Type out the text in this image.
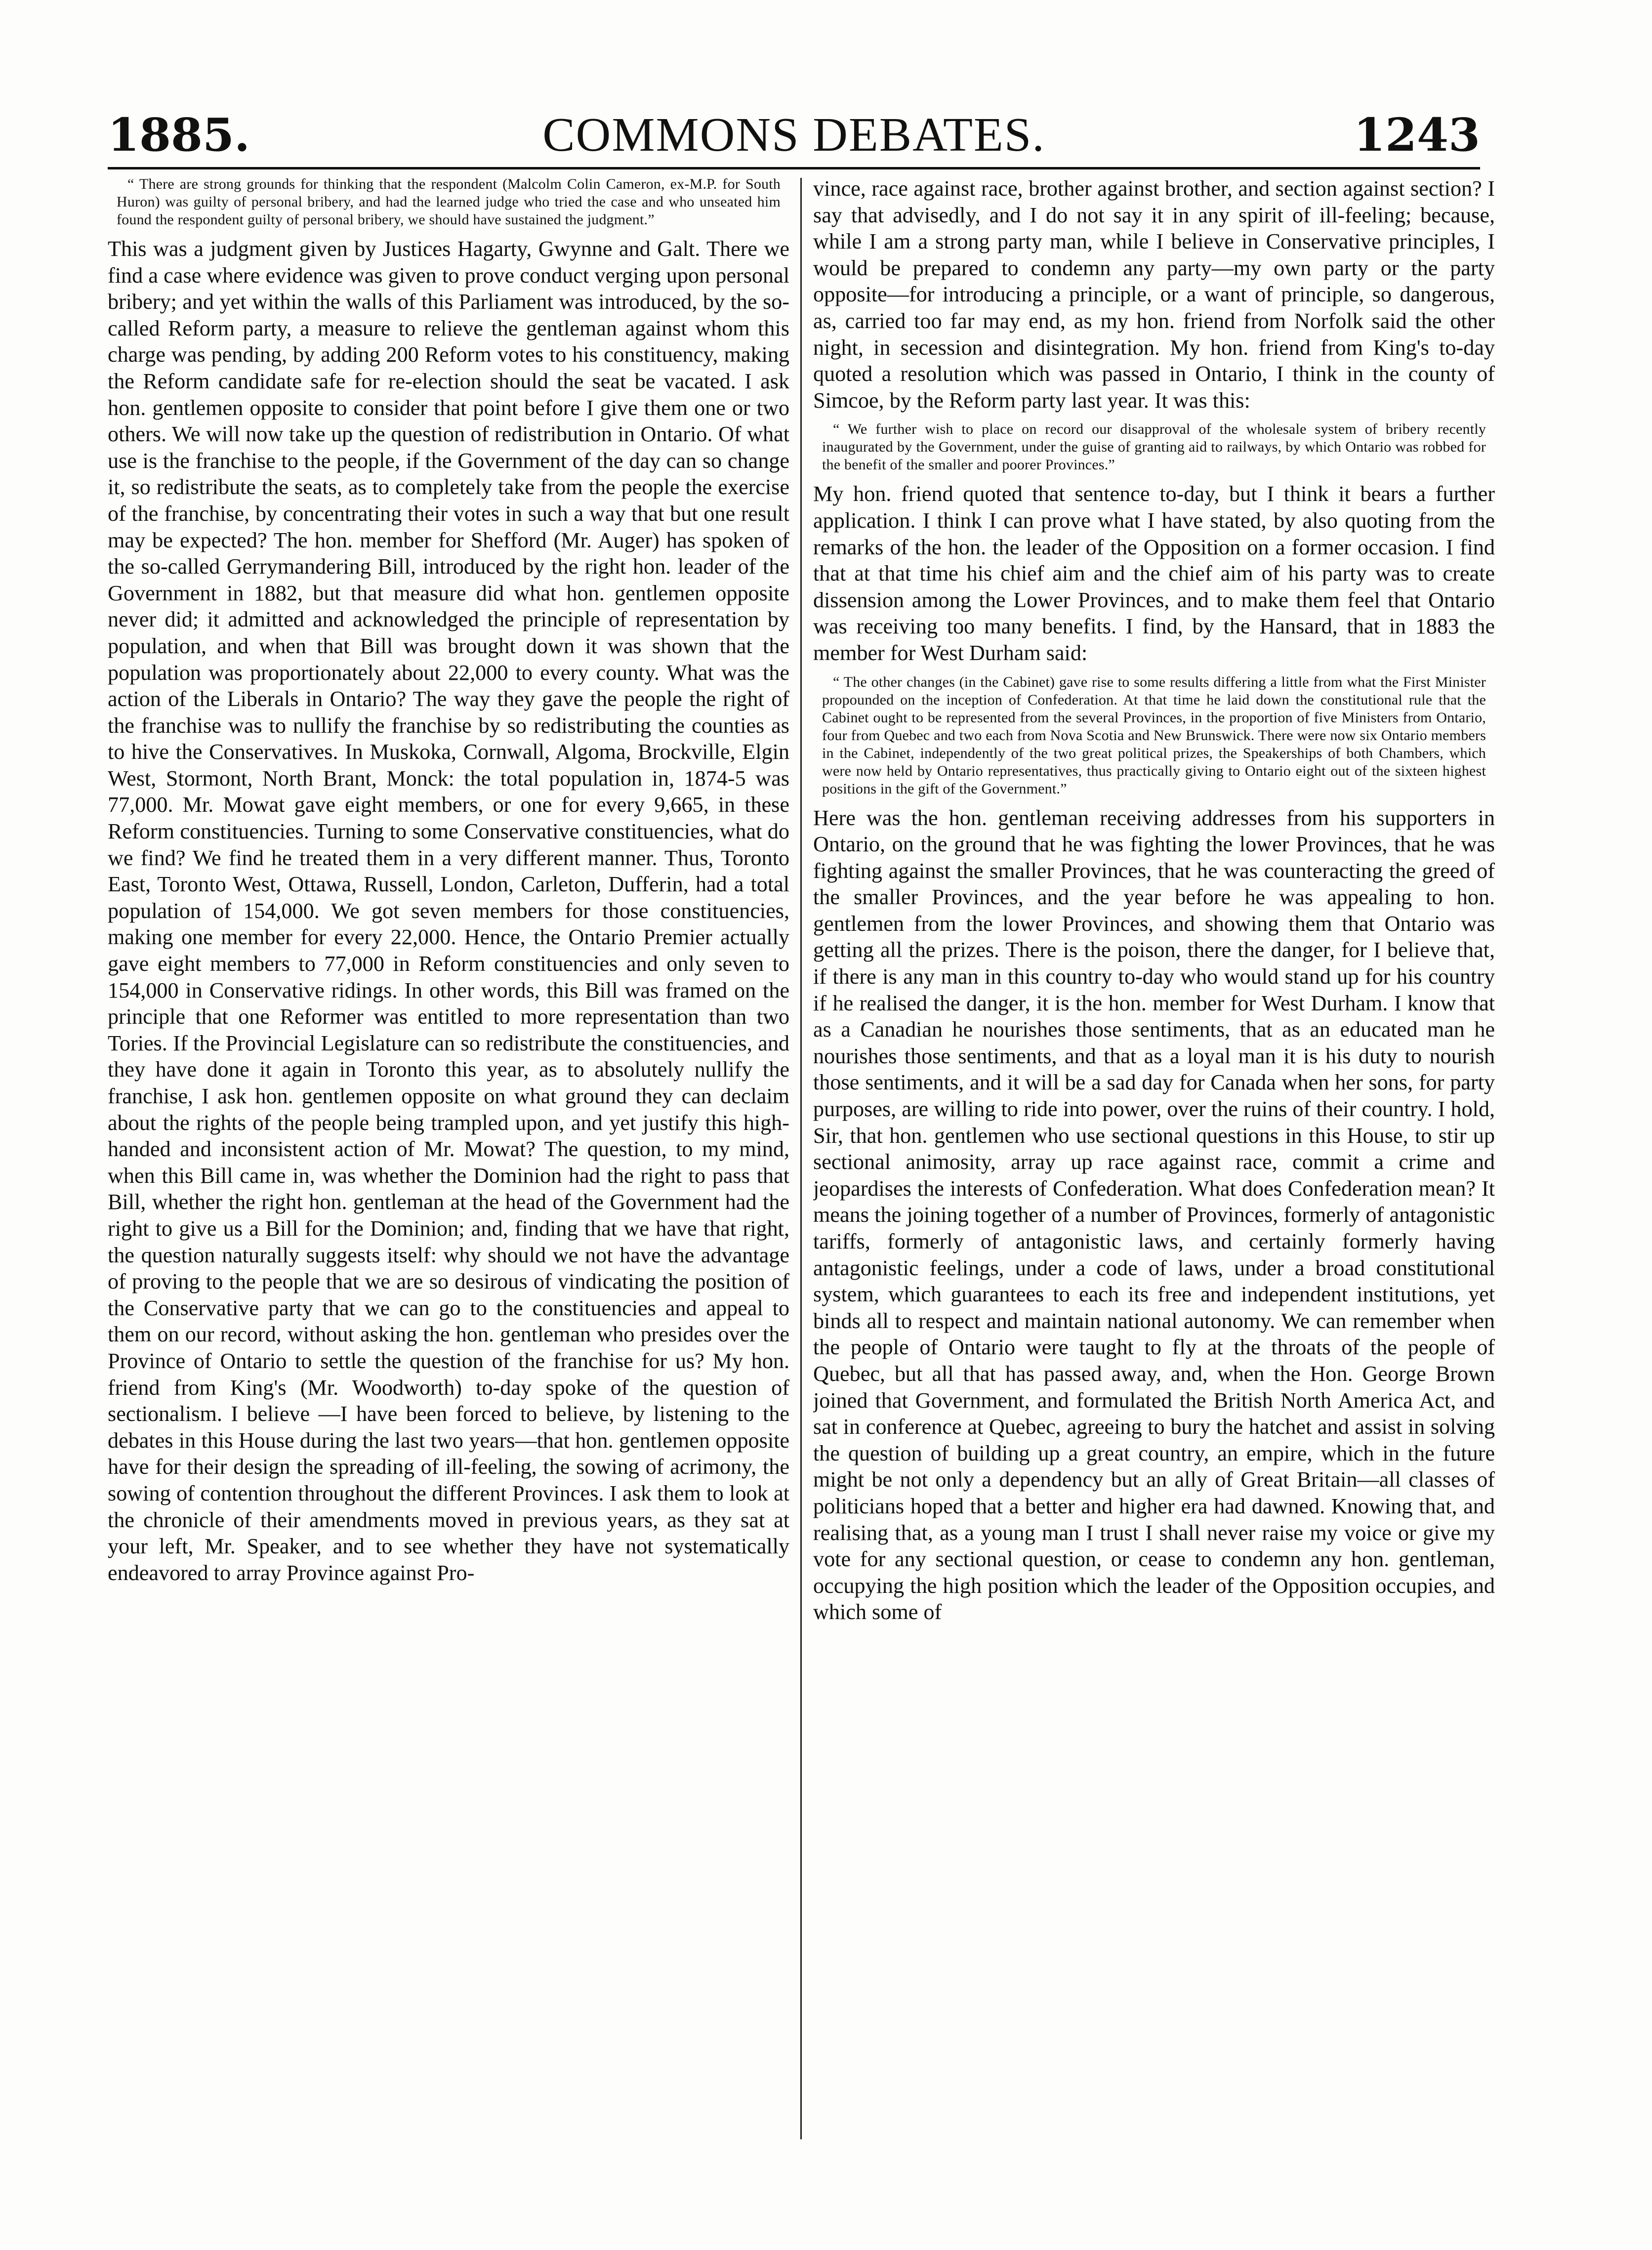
1885.	COMMONS DEBATES.	1243

“ There are strong grounds for thinking that the respondent (Malcolm Colin Cameron, ex-M.P. for South Huron) was guilty of personal bribery, and had the learned judge who tried the case and who unseated him found the respondent guilty of personal bribery, we should have sustained the judgment.”

This was a judgment given by Justices Hagarty, Gwynne and Galt. There we find a case where evidence was given to prove conduct verging upon personal bribery; and yet within the walls of this Parliament was introduced, by the so-called Reform party, a measure to relieve the gentleman against whom this charge was pending, by adding 200 Reform votes to his constituency, making the Reform candidate safe for re-election should the seat be vacated. I ask hon. gentlemen opposite to consider that point before I give them one or two others. We will now take up the question of redistribution in Ontario. Of what use is the franchise to the people, if the Government of the day can so change it, so redistribute the seats, as to completely take from the people the exercise of the franchise, by concentrating their votes in such a way that but one result may be expected? The hon. member for Shefford (Mr. Auger) has spoken of the so-called Gerrymandering Bill, introduced by the right hon. leader of the Government in 1882, but that measure did what hon. gentlemen opposite never did; it admitted and acknowledged the principle of representation by population, and when that Bill was brought down it was shown that the population was proportionately about 22,000 to every county. What was the action of the Liberals in Ontario? The way they gave the people the right of the franchise was to nullify the franchise by so redistributing the counties as to hive the Conservatives. In Muskoka, Cornwall, Algoma, Brockville, Elgin West, Stormont, North Brant, Monck: the total population in, 1874-5 was 77,000. Mr. Mowat gave eight members, or one for every 9,665, in these Reform constituencies. Turning to some Conservative constituencies, what do we find? We find he treated them in a very different manner. Thus, Toronto East, Toronto West, Ottawa, Russell, London, Carleton, Dufferin, had a total population of 154,000. We got seven members for those constituencies, making one member for every 22,000. Hence, the Ontario Premier actually gave eight members to 77,000 in Reform constituencies and only seven to 154,000 in Conservative ridings. In other words, this Bill was framed on the principle that one Reformer was entitled to more representation than two Tories. If the Provincial Legislature can so redistribute the constituencies, and they have done it again in Toronto this year, as to absolutely nullify the franchise, I ask hon. gentlemen opposite on what ground they can declaim about the rights of the people being trampled upon, and yet justify this high-handed and inconsistent action of Mr. Mowat? The question, to my mind, when this Bill came in, was whether the Dominion had the right to pass that Bill, whether the right hon. gentleman at the head of the Government had the right to give us a Bill for the Dominion; and, finding that we have that right, the question naturally suggests itself: why should we not have the advantage of proving to the people that we are so desirous of vindicating the position of the Conservative party that we can go to the constituencies and appeal to them on our record, without asking the hon. gentleman who presides over the Province of Ontario to settle the question of the franchise for us? My hon. friend from King's (Mr. Woodworth) to-day spoke of the question of sectionalism. I believe —I have been forced to believe, by listening to the debates in this House during the last two years—that hon. gentlemen opposite have for their design the spreading of ill-feeling, the sowing of acrimony, the sowing of contention throughout the different Provinces. I ask them to look at the chronicle of their amendments moved in previous years, as they sat at your left, Mr. Speaker, and to see whether they have not systematically endeavored to array Province against Pro-

vince, race against race, brother against brother, and section against section? I say that advisedly, and I do not say it in any spirit of ill-feeling; because, while I am a strong party man, while I believe in Conservative principles, I would be prepared to condemn any party—my own party or the party opposite—for introducing a principle, or a want of principle, so dangerous, as, carried too far may end, as my hon. friend from Norfolk said the other night, in secession and disintegration. My hon. friend from King's to-day quoted a resolution which was passed in Ontario, I think in the county of Simcoe, by the Reform party last year. It was this:

“ We further wish to place on record our disapproval of the wholesale system of bribery recently inaugurated by the Government, under the guise of granting aid to railways, by which Ontario was robbed for the benefit of the smaller and poorer Provinces.”

My hon. friend quoted that sentence to-day, but I think it bears a further application. I think I can prove what I have stated, by also quoting from the remarks of the hon. the leader of the Opposition on a former occasion. I find that at that time his chief aim and the chief aim of his party was to create dissension among the Lower Provinces, and to make them feel that Ontario was receiving too many benefits. I find, by the Hansard, that in 1883 the member for West Durham said:

“ The other changes (in the Cabinet) gave rise to some results differing a little from what the First Minister propounded on the inception of Confederation. At that time he laid down the constitutional rule that the Cabinet ought to be represented from the several Provinces, in the proportion of five Ministers from Ontario, four from Quebec and two each from Nova Scotia and New Brunswick. There were now six Ontario members in the Cabinet, independently of the two great political prizes, the Speakerships of both Chambers, which were now held by Ontario representatives, thus practically giving to Ontario eight out of the sixteen highest positions in the gift of the Government.”

Here was the hon. gentleman receiving addresses from his supporters in Ontario, on the ground that he was fighting the lower Provinces, that he was fighting against the smaller Provinces, that he was counteracting the greed of the smaller Provinces, and the year before he was appealing to hon. gentlemen from the lower Provinces, and showing them that Ontario was getting all the prizes. There is the poison, there the danger, for I believe that, if there is any man in this country to-day who would stand up for his country if he realised the danger, it is the hon. member for West Durham. I know that as a Canadian he nourishes those sentiments, that as an educated man he nourishes those sentiments, and that as a loyal man it is his duty to nourish those sentiments, and it will be a sad day for Canada when her sons, for party purposes, are willing to ride into power, over the ruins of their country. I hold, Sir, that hon. gentlemen who use sectional questions in this House, to stir up sectional animosity, array up race against race, commit a crime and jeopardises the interests of Confederation. What does Confederation mean? It means the joining together of a number of Provinces, formerly of antagonistic tariffs, formerly of antagonistic laws, and certainly formerly having antagonistic feelings, under a code of laws, under a broad constitutional system, which guarantees to each its free and independent institutions, yet binds all to respect and maintain national autonomy. We can remember when the people of Ontario were taught to fly at the throats of the people of Quebec, but all that has passed away, and, when the Hon. George Brown joined that Government, and formulated the British North America Act, and sat in conference at Quebec, agreeing to bury the hatchet and assist in solving the question of building up a great country, an empire, which in the future might be not only a dependency but an ally of Great Britain—all classes of politicians hoped that a better and higher era had dawned. Knowing that, and realising that, as a young man I trust I shall never raise my voice or give my vote for any sectional question, or cease to condemn any hon. gentleman, occupying the high position which the leader of the Opposition occupies, and which some of
